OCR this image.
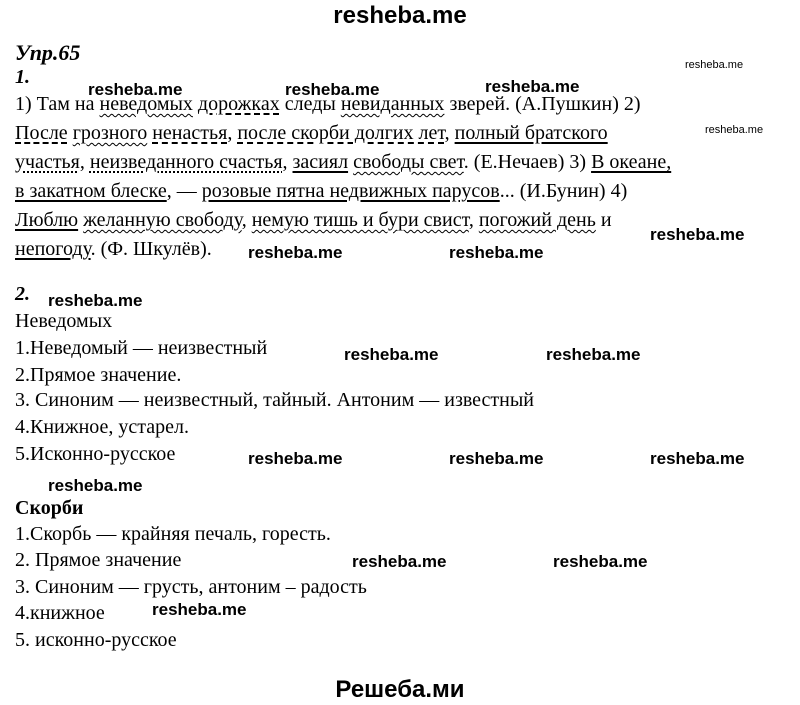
resheba.me
Упр.65
1.
1) Там на неведомых дорожках следы невиданных зверей. (А.Пушкин) 2)
После грозного ненастья, после скорби долгих лет, полный братского
участья, неизведанного счастья, засиял свободы свет. (Е.Нечаев) 3) В океане,
в закатном блеске, — розовые пятна недвижных парусов... (И.Бунин) 4)
Люблю желанную свободу, немую тишь и бури свист, погожий день и
непогоду. (Ф. Шкулёв).
2.
Неведомых
1.Неведомый — неизвестный
2.Прямое значение.
3. Синоним — неизвестный, тайный. Антоним — известный
4.Книжное, устарел.
5.Исконно-русское
Скорби
1.Скорбь — крайняя печаль, горесть.
2. Прямое значение
3. Синоним — грусть, антоним – радость
4.книжное
5. исконно-русское
resheba.me	resheba.me	resheba.me
resheba.me
resheba.me
resheba.me	resheba.me
resheba.me
resheba.me
resheba.me	resheba.me
resheba.me	resheba.me	resheba.me
resheba.me
resheba.me	resheba.me
resheba.me
Решеба.ми
